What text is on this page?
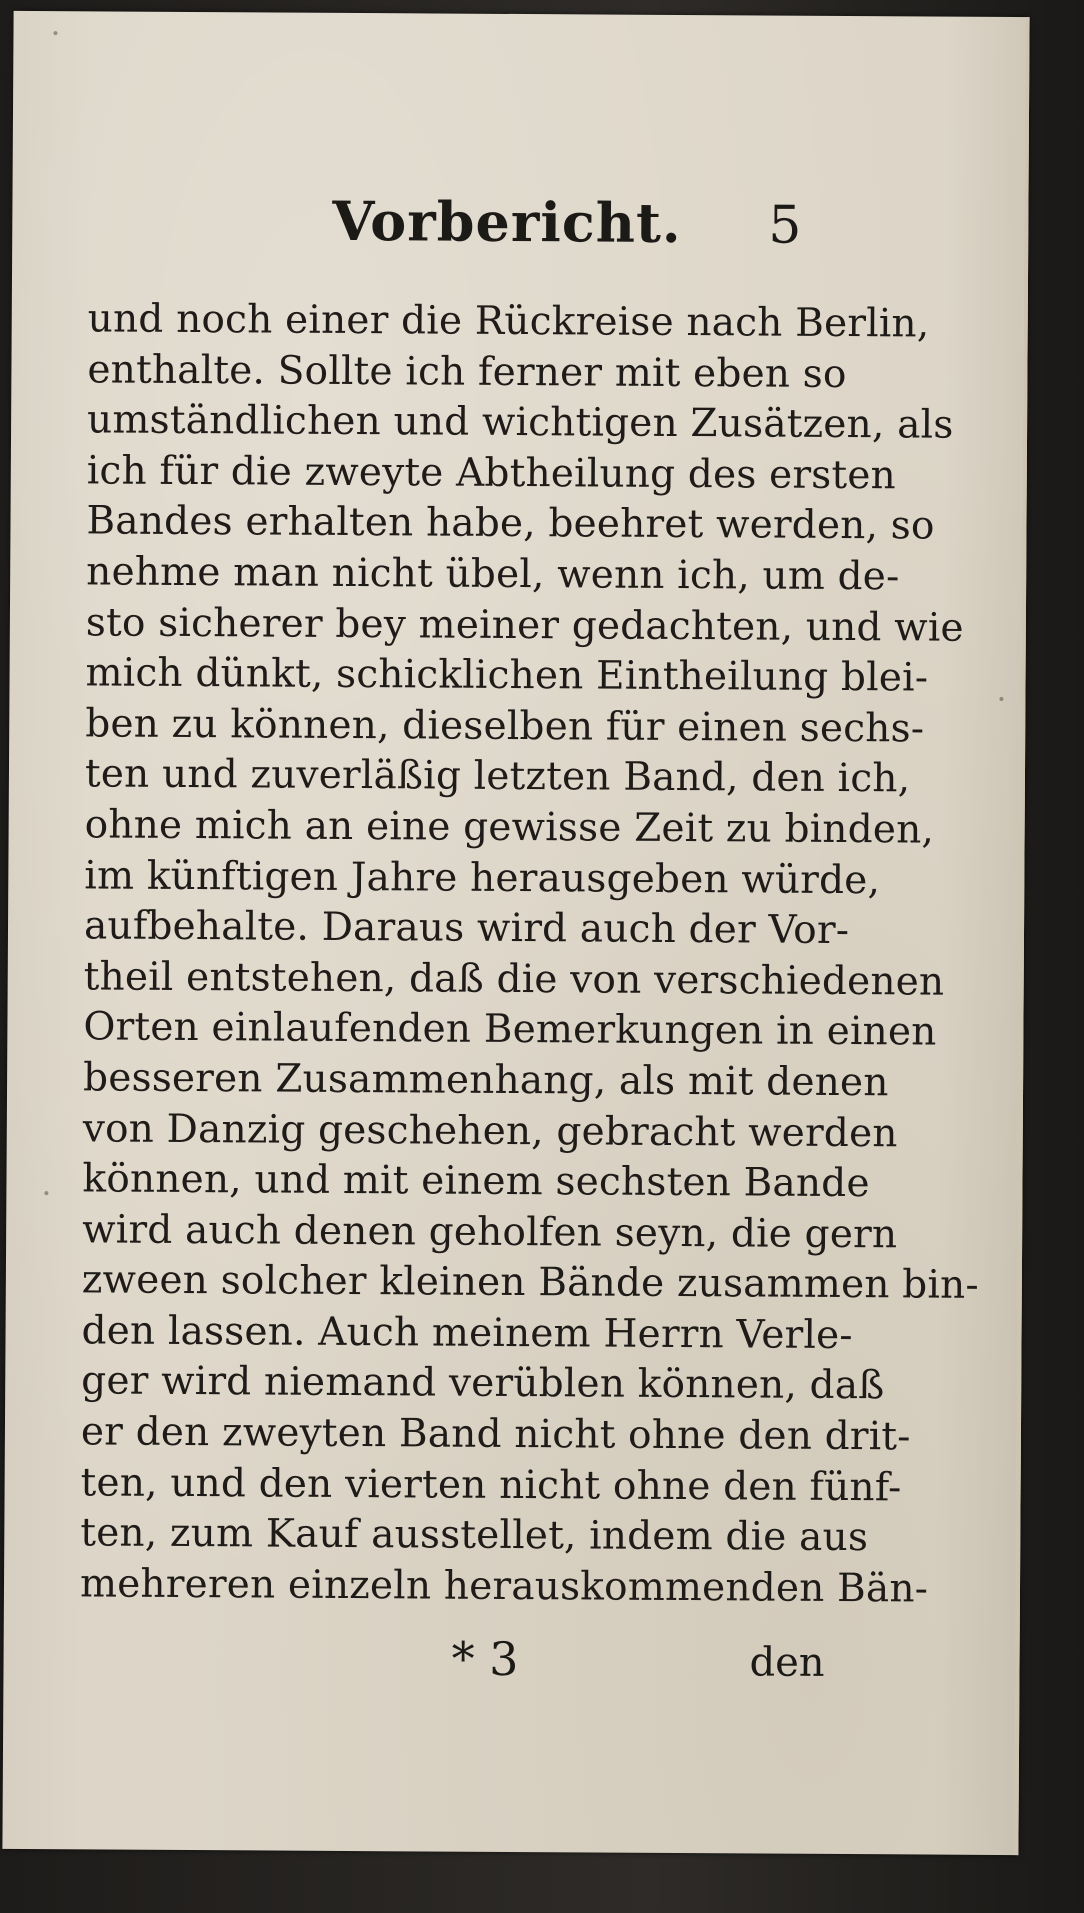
Vorbericht. 5
und noch einer die Rückreise nach Berlin,
enthalte. Sollte ich ferner mit eben so
umständlichen und wichtigen Zusätzen, als
ich für die zweyte Abtheilung des ersten
Bandes erhalten habe, beehret werden, so
nehme man nicht übel, wenn ich, um de-
sto sicherer bey meiner gedachten, und wie
mich dünkt, schicklichen Eintheilung blei-
ben zu können, dieselben für einen sechs-
ten und zuverläßig letzten Band, den ich,
ohne mich an eine gewisse Zeit zu binden,
im künftigen Jahre herausgeben würde,
aufbehalte. Daraus wird auch der Vor-
theil entstehen, daß die von verschiedenen
Orten einlaufenden Bemerkungen in einen
besseren Zusammenhang, als mit denen
von Danzig geschehen, gebracht werden
können, und mit einem sechsten Bande
wird auch denen geholfen seyn, die gern
zween solcher kleinen Bände zusammen bin-
den lassen. Auch meinem Herrn Verle-
ger wird niemand verüblen können, daß
er den zweyten Band nicht ohne den drit-
ten, und den vierten nicht ohne den fünf-
ten, zum Kauf ausstellet, indem die aus
mehreren einzeln herauskommenden Bän-
* 3	den
